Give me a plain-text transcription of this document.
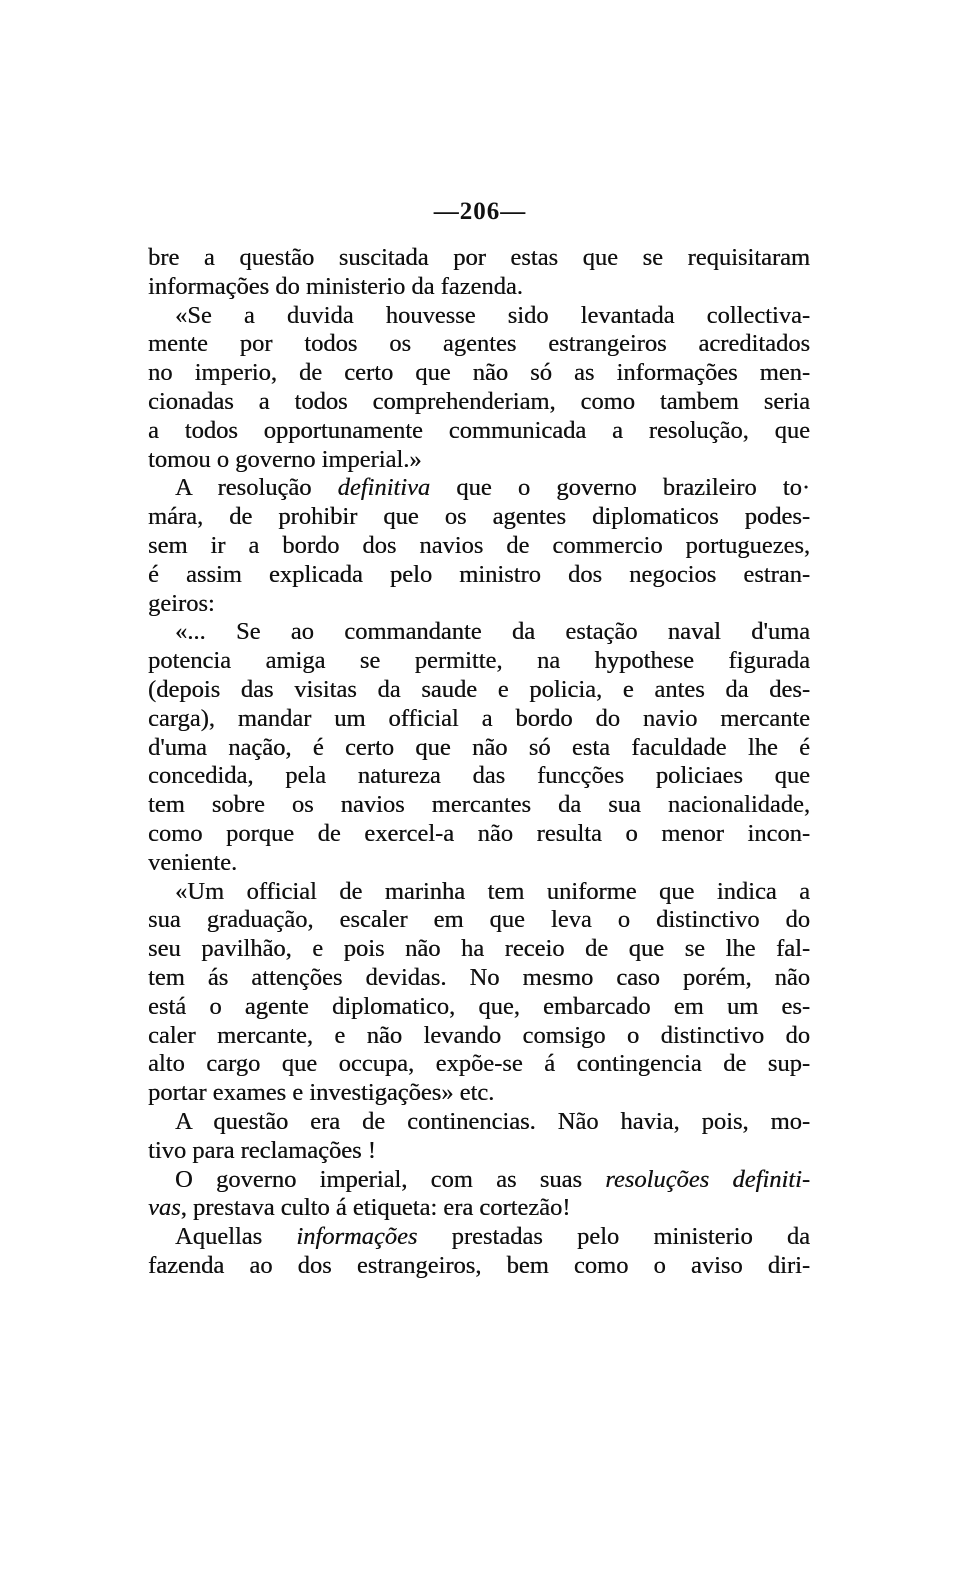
—206—
bre a questão suscitada por estas que se requisitaram
informações do ministerio da fazenda.
«Se a duvida houvesse sido levantada collectiva-
mente por todos os agentes estrangeiros acreditados
no imperio, de certo que não só as informações men-
cionadas a todos comprehenderiam, como tambem seria
a todos opportunamente communicada a resolução, que
tomou o governo imperial.»
A resolução definitiva que o governo brazileiro to·
mára, de prohibir que os agentes diplomaticos podes-
sem ir a bordo dos navios de commercio portuguezes,
é assim explicada pelo ministro dos negocios estran-
geiros:
«... Se ao commandante da estação naval d'uma
potencia amiga se permitte, na hypothese figurada
(depois das visitas da saude e policia, e antes da des-
carga), mandar um official a bordo do navio mercante
d'uma nação, é certo que não só esta faculdade lhe é
concedida, pela natureza das funcções policiaes que
tem sobre os navios mercantes da sua nacionalidade,
como porque de exercel-a não resulta o menor incon-
veniente.
«Um official de marinha tem uniforme que indica a
sua graduação, escaler em que leva o distinctivo do
seu pavilhão, e pois não ha receio de que se lhe fal-
tem ás attenções devidas. No mesmo caso porém, não
está o agente diplomatico, que, embarcado em um es-
caler mercante, e não levando comsigo o distinctivo do
alto cargo que occupa, expõe-se á contingencia de sup-
portar exames e investigações» etc.
A questão era de continencias. Não havia, pois, mo-
tivo para reclamações !
O governo imperial, com as suas resoluções definiti-
vas, prestava culto á etiqueta: era cortezão!
Aquellas informações prestadas pelo ministerio da
fazenda ao dos estrangeiros, bem como o aviso diri-
